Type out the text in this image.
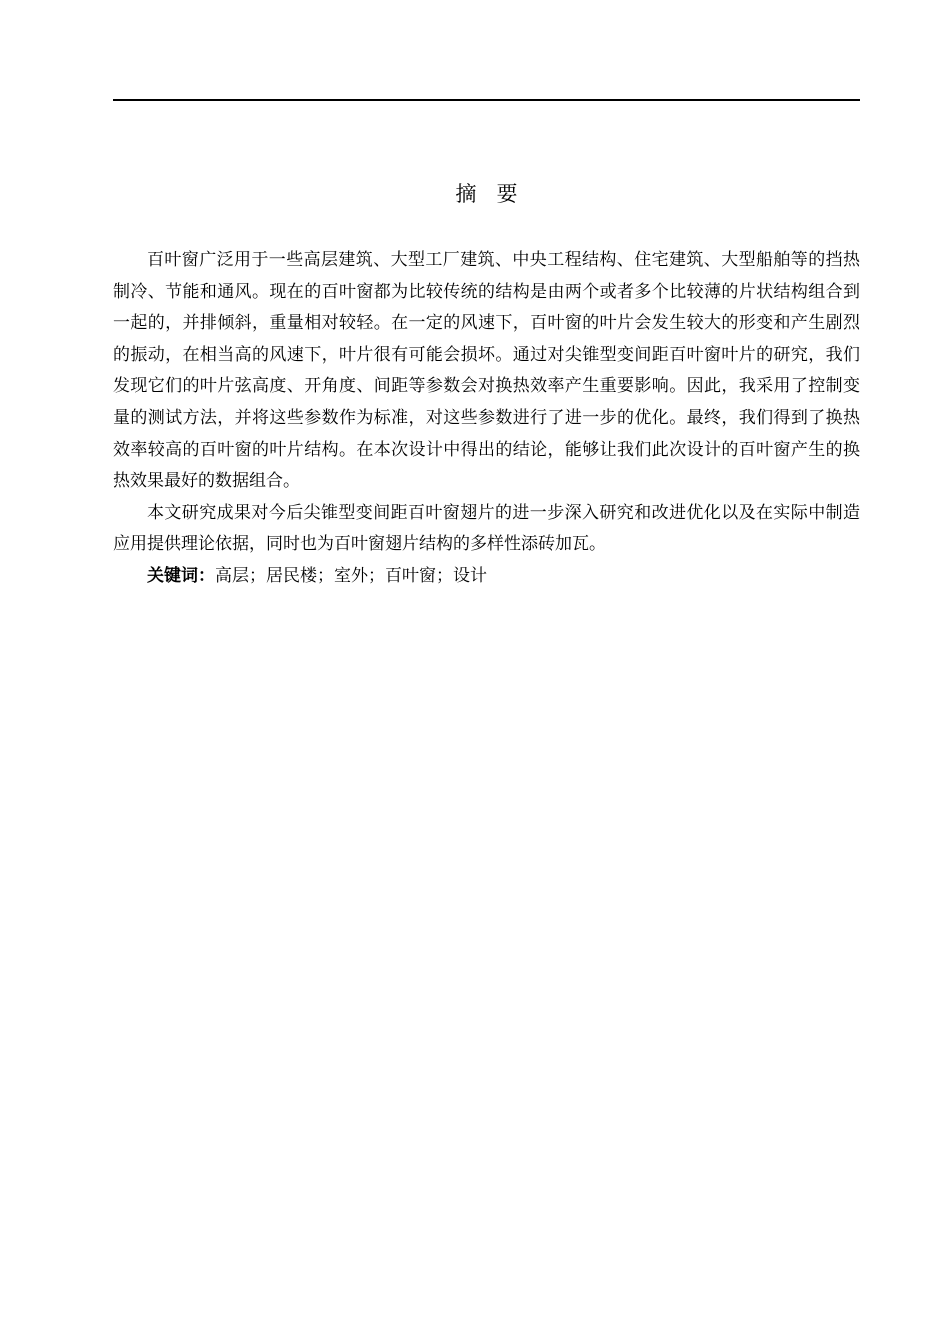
摘要

百叶窗广泛用于一些高层建筑、大型工厂建筑、中央工程结构、住宅建筑、大型船舶等的挡热制冷、节能和通风。现在的百叶窗都为比较传统的结构是由两个或者多个比较薄的片状结构组合到一起的，并排倾斜，重量相对较轻。在一定的风速下，百叶窗的叶片会发生较大的形变和产生剧烈的振动，在相当高的风速下，叶片很有可能会损坏。通过对尖锥型变间距百叶窗叶片的研究，我们发现它们的叶片弦高度、开角度、间距等参数会对换热效率产生重要影响。因此，我采用了控制变量的测试方法，并将这些参数作为标准，对这些参数进行了进一步的优化。最终，我们得到了换热效率较高的百叶窗的叶片结构。在本次设计中得出的结论，能够让我们此次设计的百叶窗产生的换热效果最好的数据组合。

本文研究成果对今后尖锥型变间距百叶窗翅片的进一步深入研究和改进优化以及在实际中制造应用提供理论依据，同时也为百叶窗翅片结构的多样性添砖加瓦。

关键词：高层；居民楼；室外；百叶窗；设计
